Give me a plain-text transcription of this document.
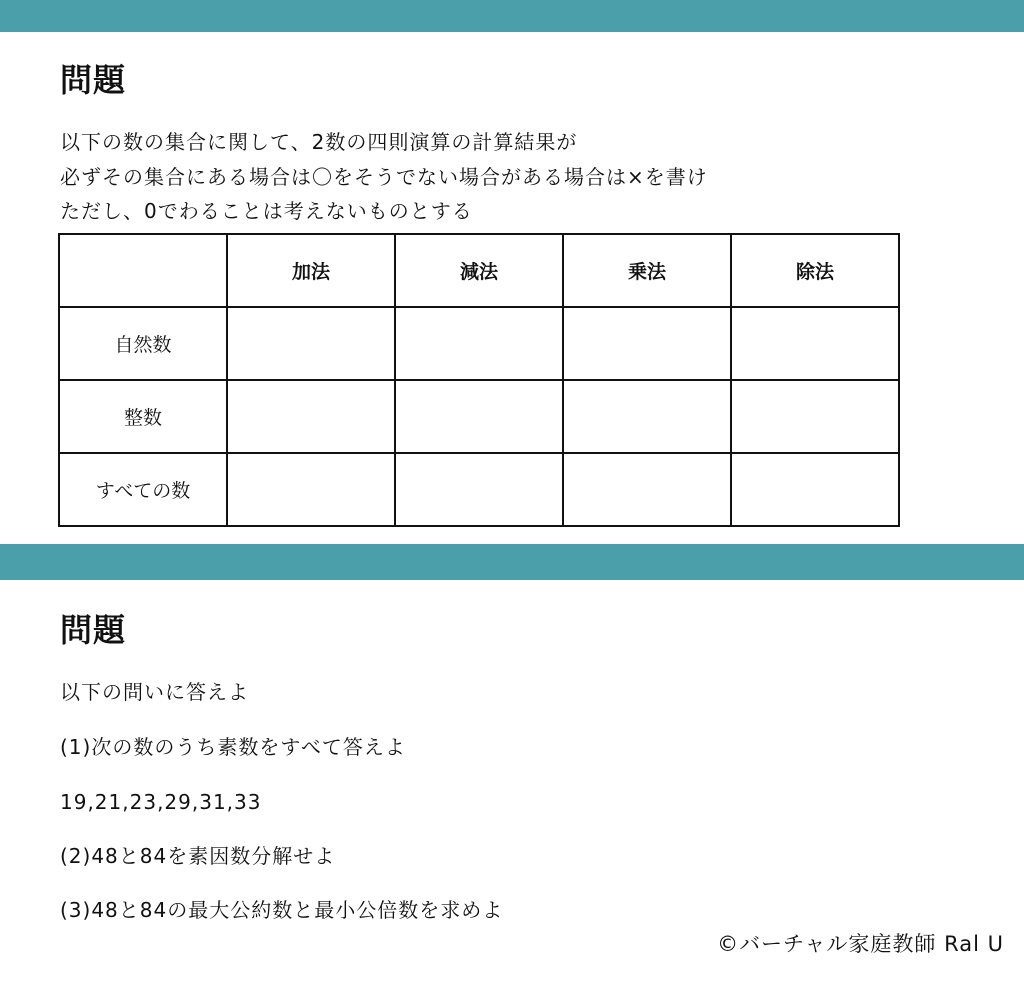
問題
以下の数の集合に関して、2数の四則演算の計算結果が
必ずその集合にある場合は〇をそうでない場合がある場合は×を書け
ただし、0でわることは考えないものとする
	加法	減法	乗法	除法
自然数				
整数				
すべての数				
問題
以下の問いに答えよ
(1)次の数のうち素数をすべて答えよ
19,21,23,29,31,33
(2)48と84を素因数分解せよ
(3)48と84の最大公約数と最小公倍数を求めよ
©バーチャル家庭教師 Ral U
